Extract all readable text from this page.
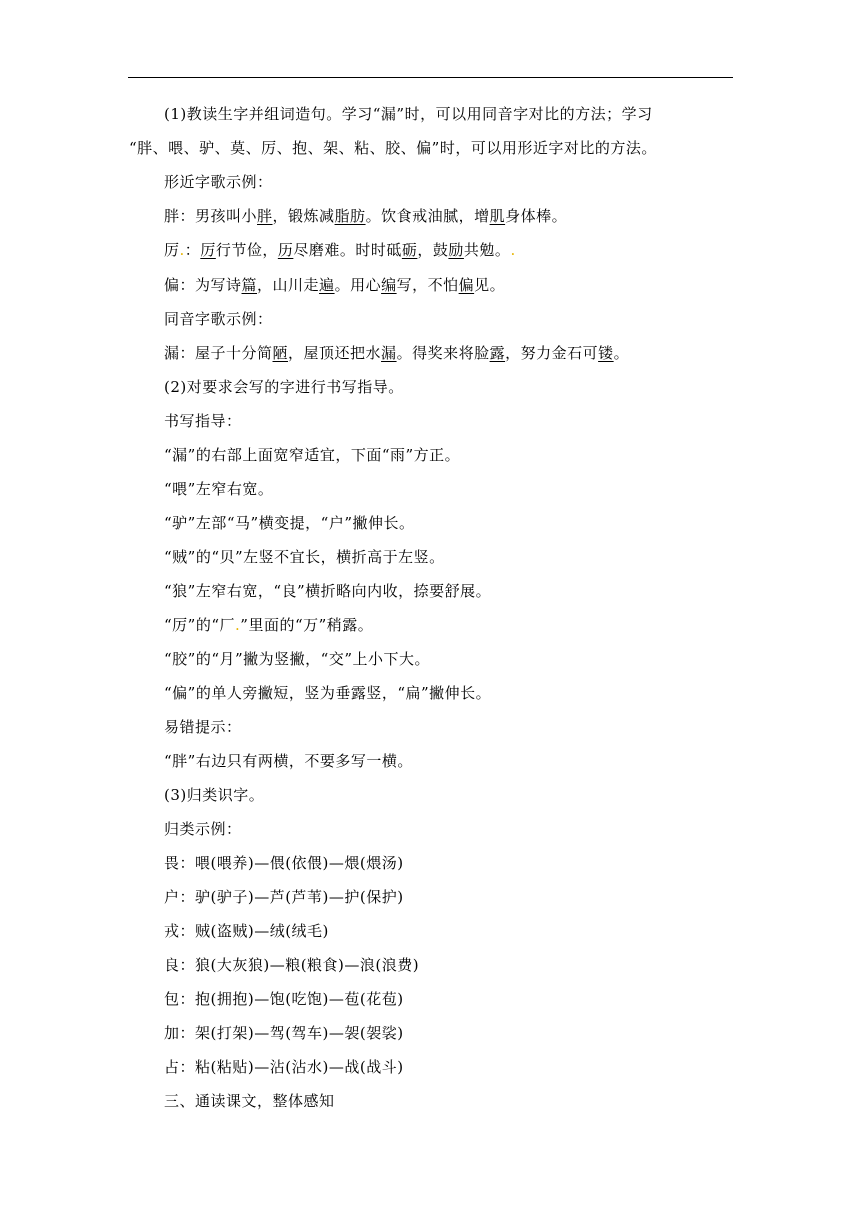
(1)教读生字并组词造句。学习“漏”时，可以用同音字对比的方法；学习
“胖、喂、驴、莫、厉、抱、架、粘、胶、偏”时，可以用形近字对比的方法。
形近字歌示例：
胖：男孩叫小胖，锻炼减脂肪。饮食戒油腻，增肌身体棒。
厉.：厉行节俭，历尽磨难。时时砥砺，鼓励共勉。.
偏：为写诗篇，山川走遍。用心编写，不怕偏见。
同音字歌示例：
漏：屋子十分简陋，屋顶还把水漏。得奖来将脸露，努力金石可镂。
(2)对要求会写的字进行书写指导。
书写指导：
“漏”的右部上面宽窄适宜，下面“雨”方正。
“喂”左窄右宽。
“驴”左部“马”横变提，“户”撇伸长。
“贼”的“贝”左竖不宜长，横折高于左竖。
“狼”左窄右宽，“良”横折略向内收，捺要舒展。
“厉”的“厂.”里面的“万”稍露。
“胶”的“月”撇为竖撇，“交”上小下大。
“偏”的单人旁撇短，竖为垂露竖，“扁”撇伸长。
易错提示：
“胖”右边只有两横，不要多写一横。
(3)归类识字。
归类示例：
畏：喂(喂养)—偎(依偎)—煨(煨汤)
户：驴(驴子)—芦(芦苇)—护(保护)
戎：贼(盗贼)—绒(绒毛)
良：狼(大灰狼)—粮(粮食)—浪(浪费)
包：抱(拥抱)—饱(吃饱)—苞(花苞)
加：架(打架)—驾(驾车)—袈(袈裟)
占：粘(粘贴)—沾(沾水)—战(战斗)
三、通读课文，整体感知
